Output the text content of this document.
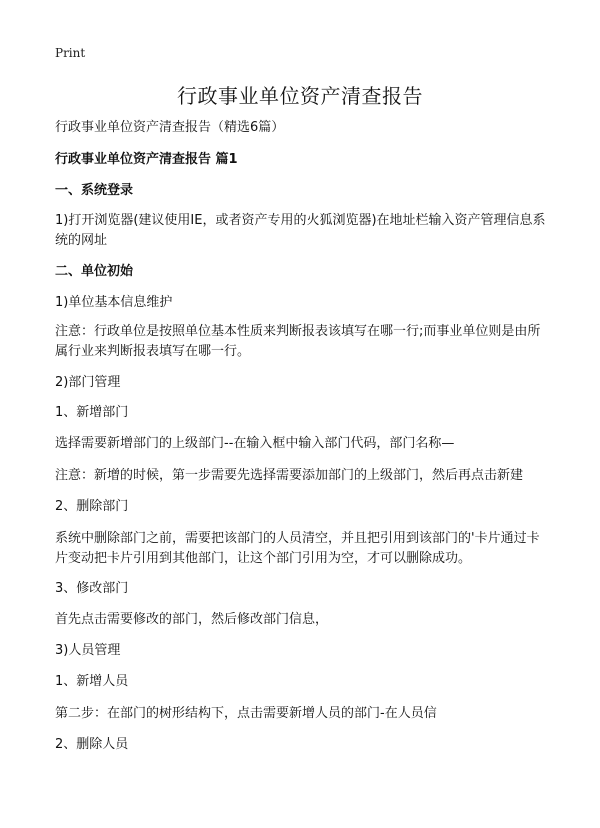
Print
行政事业单位资产清查报告

行政事业单位资产清查报告（精选6篇）

行政事业单位资产清查报告 篇1

一、系统登录

1)打开浏览器(建议使用IE，或者资产专用的火狐浏览器)在地址栏输入资产管理信息系统的网址

二、单位初始

1)单位基本信息维护

注意：行政单位是按照单位基本性质来判断报表该填写在哪一行;而事业单位则是由所属行业来判断报表填写在哪一行。

2)部门管理

1、新增部门

选择需要新增部门的上级部门--在输入框中输入部门代码，部门名称—

注意：新增的时候，第一步需要先选择需要添加部门的上级部门，然后再点击新建

2、删除部门

系统中删除部门之前，需要把该部门的人员清空，并且把引用到该部门的'卡片通过卡片变动把卡片引用到其他部门，让这个部门引用为空，才可以删除成功。

3、修改部门

首先点击需要修改的部门，然后修改部门信息，

3)人员管理

1、新增人员

第二步：在部门的树形结构下，点击需要新增人员的部门-在人员信

2、删除人员
